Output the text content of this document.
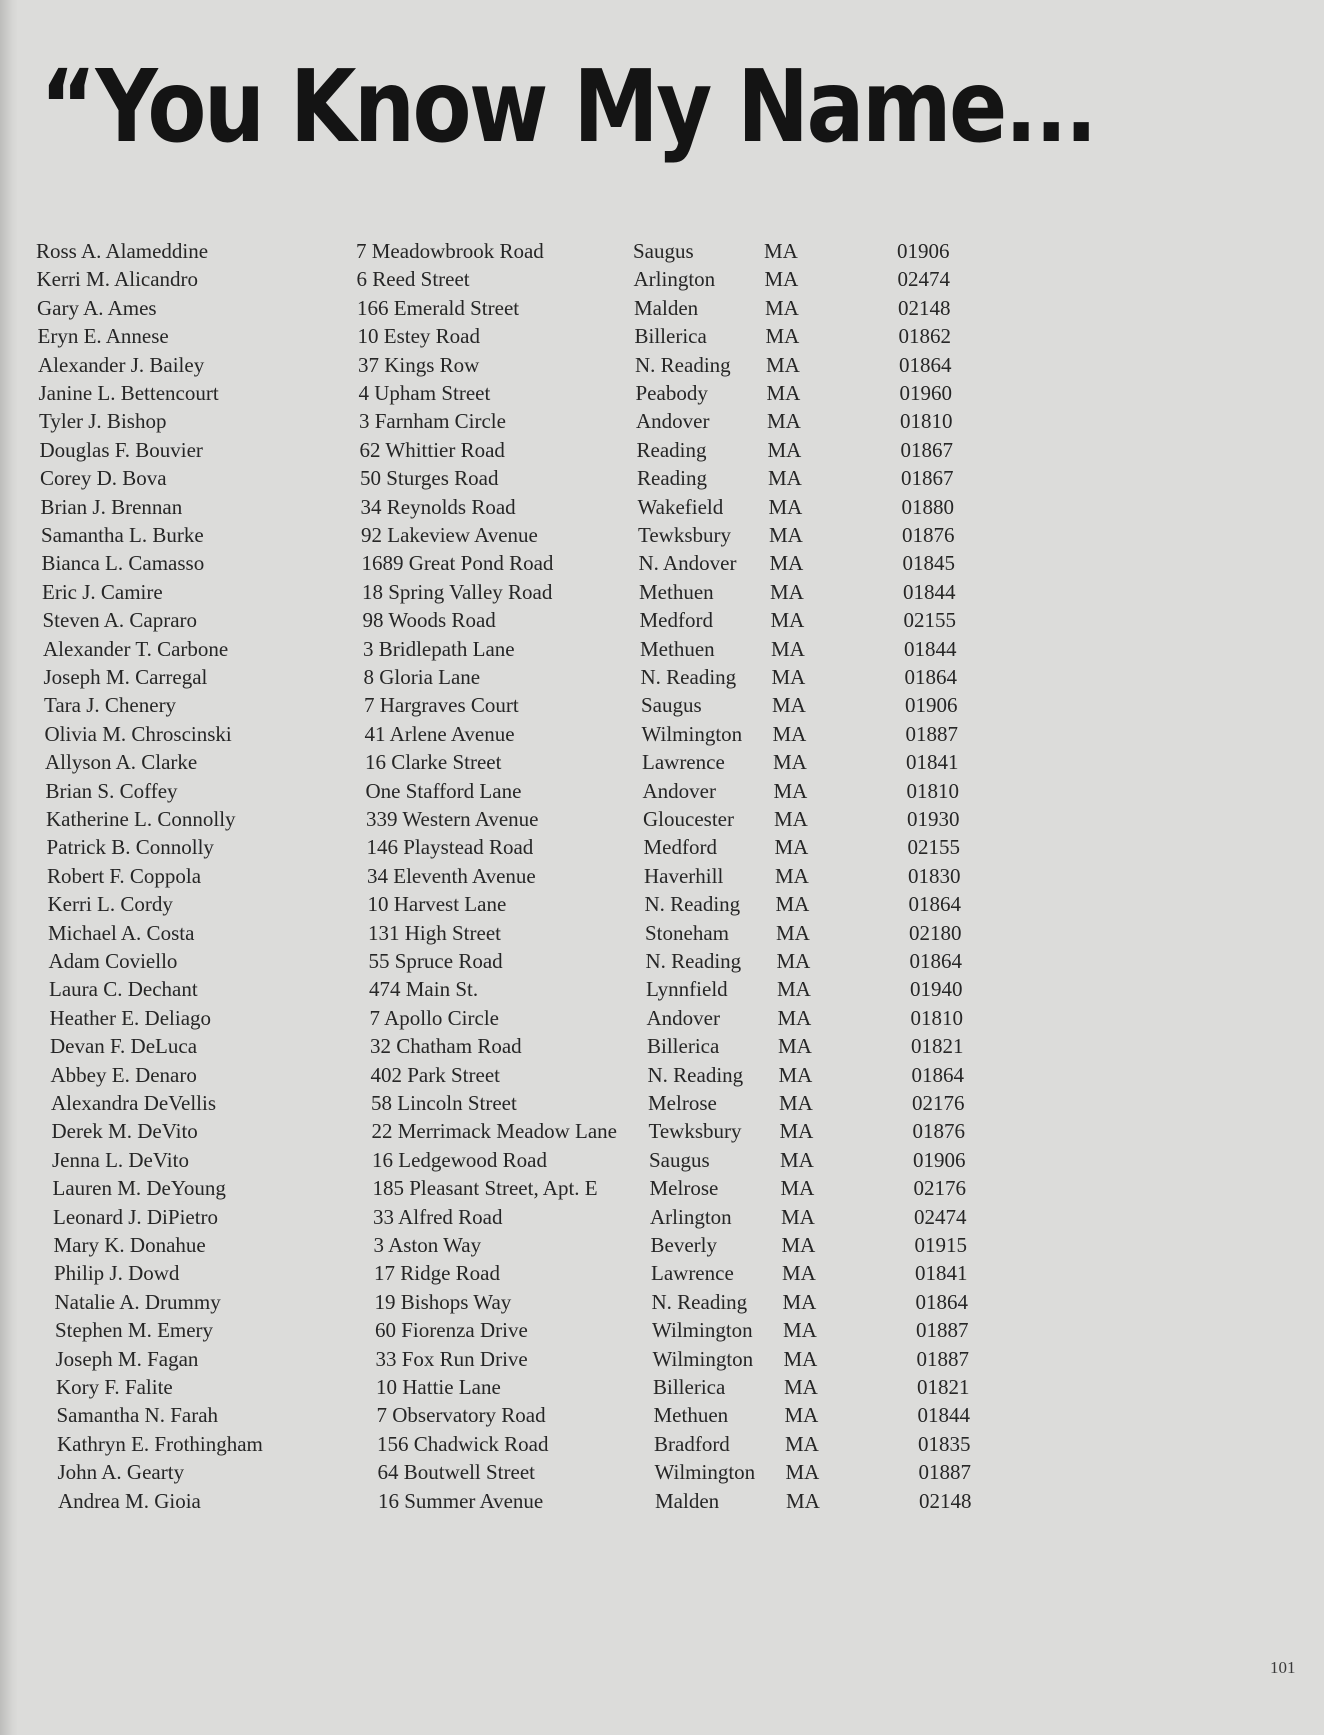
“You Know My Name...
Ross A. Alameddine	7 Meadowbrook Road	Saugus	MA	01906
Kerri M. Alicandro	6 Reed Street	Arlington MA	02474
Gary A. Ames	166 Emerald Street	Malden	MA	02148
Eryn E. Annese	10 Estey Road	Billerica	MA	01862
Alexander J. Bailey	37 Kings Row	N. Reading MA	01864
Janine L. Bettencourt	4 Upham Street	Peabody	MA	01960
Tyler J. Bishop	3 Farnham Circle	Andover	MA	01810
Douglas F. Bouvier	62 Whittier Road	Reading	MA	01867
Corey D. Bova	50 Sturges Road	Reading	MA	01867
Brian J. Brennan	34 Reynolds Road	Wakefield MA	01880
Samantha L. Burke	92 Lakeview Avenue	Tewksbury MA	01876
Bianca L. Camasso	1689 Great Pond Road	N. Andover MA	01845
Eric J. Camire	18 Spring Valley Road	Methuen	MA	01844
Steven A. Capraro	98 Woods Road	Medford	MA	02155
Alexander T. Carbone	3 Bridlepath Lane	Methuen	MA	01844
Joseph M. Carregal	8 Gloria Lane	N. Reading MA	01864
Tara J. Chenery	7 Hargraves Court	Saugus	MA	01906
Olivia M. Chroscinski	41 Arlene Avenue	Wilmington MA	01887
Allyson A. Clarke	16 Clarke Street	Lawrence MA	01841
Brian S. Coffey	One Stafford Lane	Andover	MA	01810
Katherine L. Connolly	339 Western Avenue	Gloucester MA	01930
Patrick B. Connolly	146 Playstead Road	Medford	MA	02155
Robert F. Coppola	34 Eleventh Avenue	Haverhill MA	01830
Kerri L. Cordy	10 Harvest Lane	N. Reading MA	01864
Michael A. Costa	131 High Street	Stoneham MA	02180
Adam Coviello	55 Spruce Road	N. Reading MA	01864
Laura C. Dechant	474 Main St.	Lynnfield MA	01940
Heather E. Deliago	7 Apollo Circle	Andover	MA	01810
Devan F. DeLuca	32 Chatham Road	Billerica	MA	01821
Abbey E. Denaro	402 Park Street	N. Reading MA	01864
Alexandra DeVellis	58 Lincoln Street	Melrose	MA	02176
Derek M. DeVito	22 Merrimack Meadow Lane Tewksbury MA	01876
Jenna L. DeVito	16 Ledgewood Road	Saugus	MA	01906
Lauren M. DeYoung	185 Pleasant Street, Apt. E Melrose	MA	02176
Leonard J. DiPietro	33 Alfred Road	Arlington MA	02474
Mary K. Donahue	3 Aston Way	Beverly	MA	01915
Philip J. Dowd	17 Ridge Road	Lawrence MA	01841
Natalie A. Drummy	19 Bishops Way	N. Reading MA	01864
Stephen M. Emery	60 Fiorenza Drive	Wilmington MA	01887
Joseph M. Fagan	33 Fox Run Drive	Wilmington MA	01887
Kory F. Falite	10 Hattie Lane	Billerica	MA	01821
Samantha N. Farah	7 Observatory Road	Methuen	MA	01844
Kathryn E. Frothingham	156 Chadwick Road	Bradford	MA	01835
John A. Gearty	64 Boutwell Street	Wilmington MA	01887
Andrea M. Gioia	16 Summer Avenue	Malden	MA	02148
101
